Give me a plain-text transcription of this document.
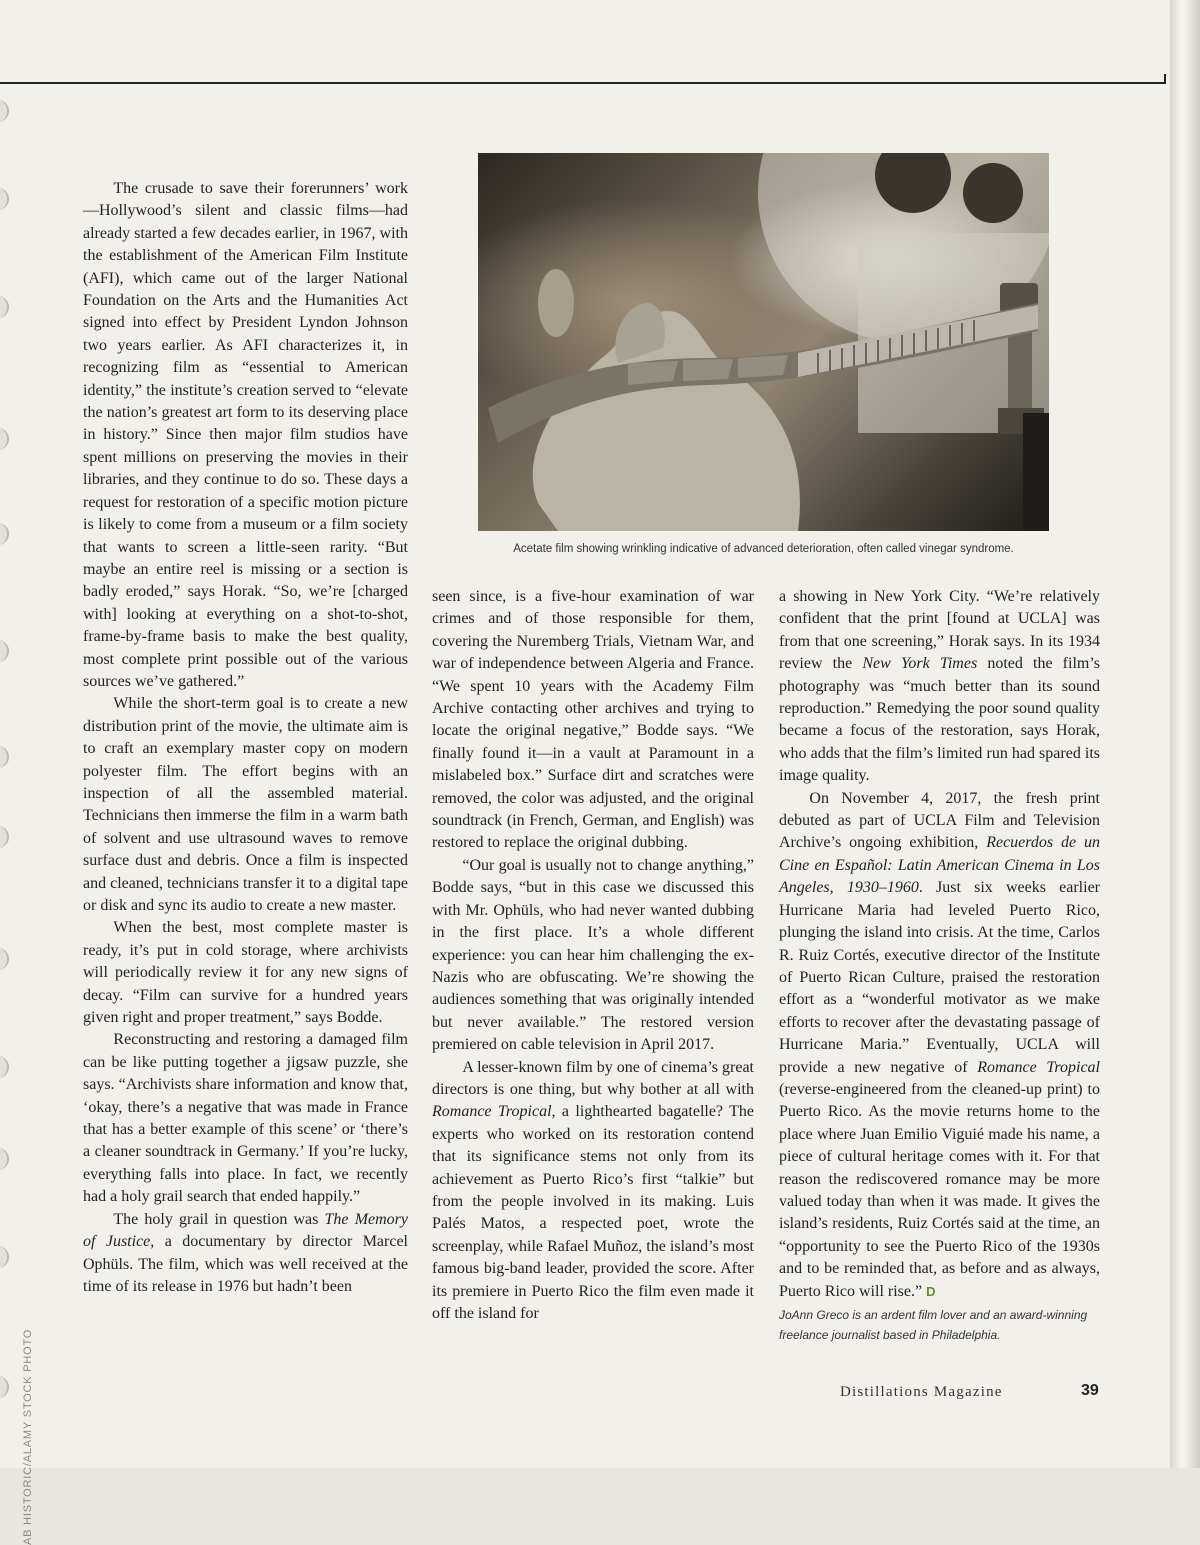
AB HISTORIC/ALAMY STOCK PHOTO
Acetate film showing wrinkling indicative of advanced deterioration, often called vinegar syndrome.

The crusade to save their forerunners’ work—Hollywood’s silent and classic films—had already started a few decades earlier, in 1967, with the establishment of the American Film Institute (AFI), which came out of the larger National Foundation on the Arts and the Humanities Act signed into effect by President Lyndon Johnson two years earlier. As AFI characterizes it, in recognizing film as “essential to American identity,” the institute’s creation served to “elevate the nation’s greatest art form to its deserving place in history.” Since then major film studios have spent millions on preserving the movies in their libraries, and they continue to do so. These days a request for restoration of a specific motion picture is likely to come from a museum or a film society that wants to screen a little-seen rarity. “But maybe an entire reel is missing or a section is badly eroded,” says Horak. “So, we’re [charged with] looking at everything on a shot-to-shot, frame-by-frame basis to make the best quality, most complete print possible out of the various sources we’ve gathered.”

While the short-term goal is to create a new distribution print of the movie, the ultimate aim is to craft an exemplary master copy on modern polyester film. The effort begins with an inspection of all the assembled material. Technicians then immerse the film in a warm bath of solvent and use ultrasound waves to remove surface dust and debris. Once a film is inspected and cleaned, technicians transfer it to a digital tape or disk and sync its audio to create a new master.

When the best, most complete master is ready, it’s put in cold storage, where archivists will periodically review it for any new signs of decay. “Film can survive for a hundred years given right and proper treatment,” says Bodde.

Reconstructing and restoring a damaged film can be like putting together a jigsaw puzzle, she says. “Archivists share information and know that, ‘okay, there’s a negative that was made in France that has a better example of this scene’ or ‘there’s a cleaner soundtrack in Germany.’ If you’re lucky, everything falls into place. In fact, we recently had a holy grail search that ended happily.”

The holy grail in question was The Memory of Justice, a documentary by director Marcel Ophüls. The film, which was well received at the time of its release in 1976 but hadn’t been

seen since, is a five-hour examination of war crimes and of those responsible for them, covering the Nuremberg Trials, Vietnam War, and war of independence between Algeria and France. “We spent 10 years with the Academy Film Archive contacting other archives and trying to locate the original negative,” Bodde says. “We finally found it—in a vault at Paramount in a mislabeled box.” Surface dirt and scratches were removed, the color was adjusted, and the original soundtrack (in French, German, and English) was restored to replace the original dubbing.

“Our goal is usually not to change anything,” Bodde says, “but in this case we discussed this with Mr. Ophüls, who had never wanted dubbing in the first place. It’s a whole different experience: you can hear him challenging the ex-Nazis who are obfuscating. We’re showing the audiences something that was originally intended but never available.” The restored version premiered on cable television in April 2017.

A lesser-known film by one of cinema’s great directors is one thing, but why bother at all with Romance Tropical, a lighthearted bagatelle? The experts who worked on its restoration contend that its significance stems not only from its achievement as Puerto Rico’s first “talkie” but from the people involved in its making. Luis Palés Matos, a respected poet, wrote the screenplay, while Rafael Muñoz, the island’s most famous big-band leader, provided the score. After its premiere in Puerto Rico the film even made it off the island for

a showing in New York City. “We’re relatively confident that the print [found at UCLA] was from that one screening,” Horak says. In its 1934 review the New York Times noted the film’s photography was “much better than its sound reproduction.” Remedying the poor sound quality became a focus of the restoration, says Horak, who adds that the film’s limited run had spared its image quality.

On November 4, 2017, the fresh print debuted as part of UCLA Film and Television Archive’s ongoing exhibition, Recuerdos de un Cine en Español: Latin American Cinema in Los Angeles, 1930–1960. Just six weeks earlier Hurricane Maria had leveled Puerto Rico, plunging the island into crisis. At the time, Carlos R. Ruiz Cortés, executive director of the Institute of Puerto Rican Culture, praised the restoration effort as a “wonderful motivator as we make efforts to recover after the devastating passage of Hurricane Maria.” Eventually, UCLA will provide a new negative of Romance Tropical (reverse-engineered from the cleaned-up print) to Puerto Rico. As the movie returns home to the place where Juan Emilio Viguié made his name, a piece of cultural heritage comes with it. For that reason the rediscovered romance may be more valued today than when it was made. It gives the island’s residents, Ruiz Cortés said at the time, an “opportunity to see the Puerto Rico of the 1930s and to be reminded that, as before and as always, Puerto Rico will rise.” D

JoAnn Greco is an ardent film lover and an award-winning freelance journalist based in Philadelphia.
Distillations Magazine	39
